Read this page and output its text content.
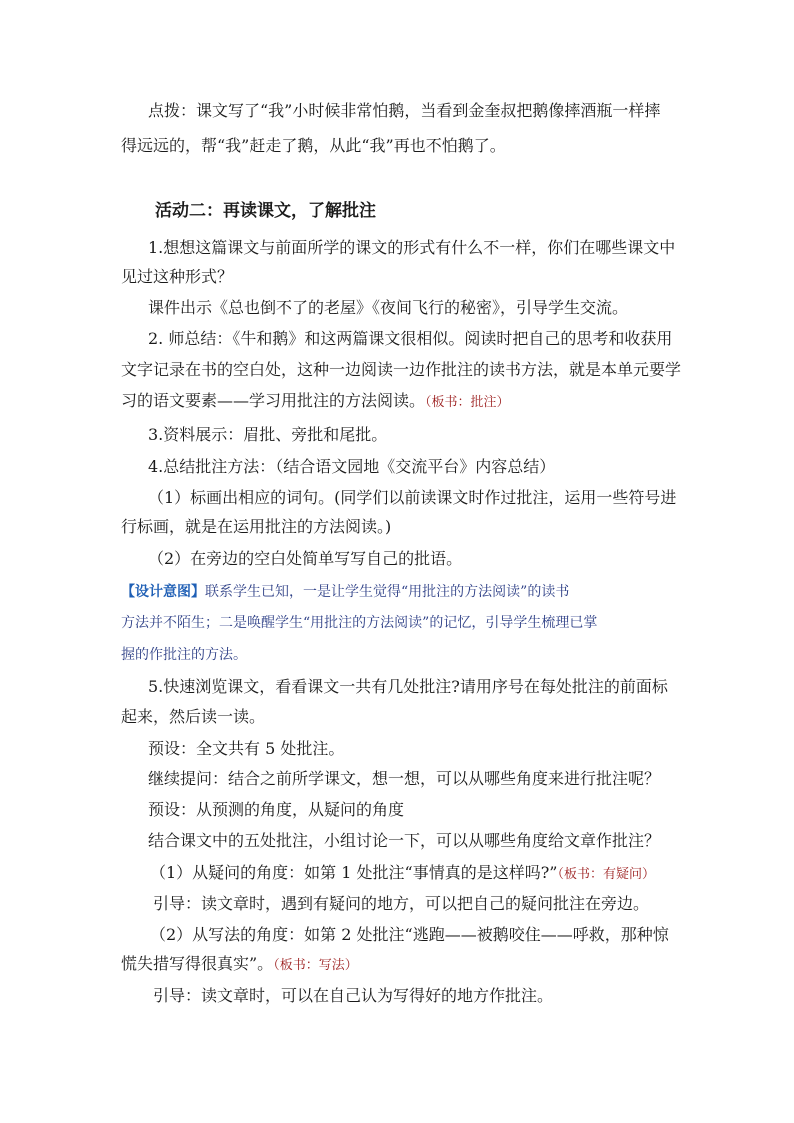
点拨：课文写了“我”小时候非常怕鹅，当看到金奎叔把鹅像摔酒瓶一样摔
得远远的，帮“我”赶走了鹅，从此“我”再也不怕鹅了。
活动二：再读课文，了解批注
1.想想这篇课文与前面所学的课文的形式有什么不一样，你们在哪些课文中
见过这种形式？
课件出示《总也倒不了的老屋》《夜间飞行的秘密》，引导学生交流。
2. 师总结：《牛和鹅》和这两篇课文很相似。阅读时把自己的思考和收获用
文字记录在书的空白处，这种一边阅读一边作批注的读书方法，就是本单元要学
习的语文要素——学习用批注的方法阅读。（板书：批注）
3.资料展示：眉批、旁批和尾批。
4.总结批注方法：（结合语文园地《交流平台》内容总结）
（1）标画出相应的词句。(同学们以前读课文时作过批注，运用一些符号进
行标画，就是在运用批注的方法阅读。)
（2）在旁边的空白处简单写写自己的批语。
【设计意图】联系学生已知，一是让学生觉得“用批注的方法阅读”的读书
方法并不陌生；二是唤醒学生“用批注的方法阅读”的记忆，引导学生梳理已掌
握的作批注的方法。
5.快速浏览课文，看看课文一共有几处批注?请用序号在每处批注的前面标
起来，然后读一读。
预设：全文共有 5 处批注。
继续提问：结合之前所学课文，想一想，可以从哪些角度来进行批注呢？
预设：从预测的角度，从疑问的角度
结合课文中的五处批注，小组讨论一下，可以从哪些角度给文章作批注？
（1）从疑问的角度：如第 1 处批注“事情真的是这样吗?”（板书：有疑问）
引导：读文章时，遇到有疑问的地方，可以把自己的疑问批注在旁边。
（2）从写法的角度：如第 2 处批注“逃跑——被鹅咬住——呼救，那种惊
慌失措写得很真实”。（板书：写法）
引导：读文章时，可以在自己认为写得好的地方作批注。
